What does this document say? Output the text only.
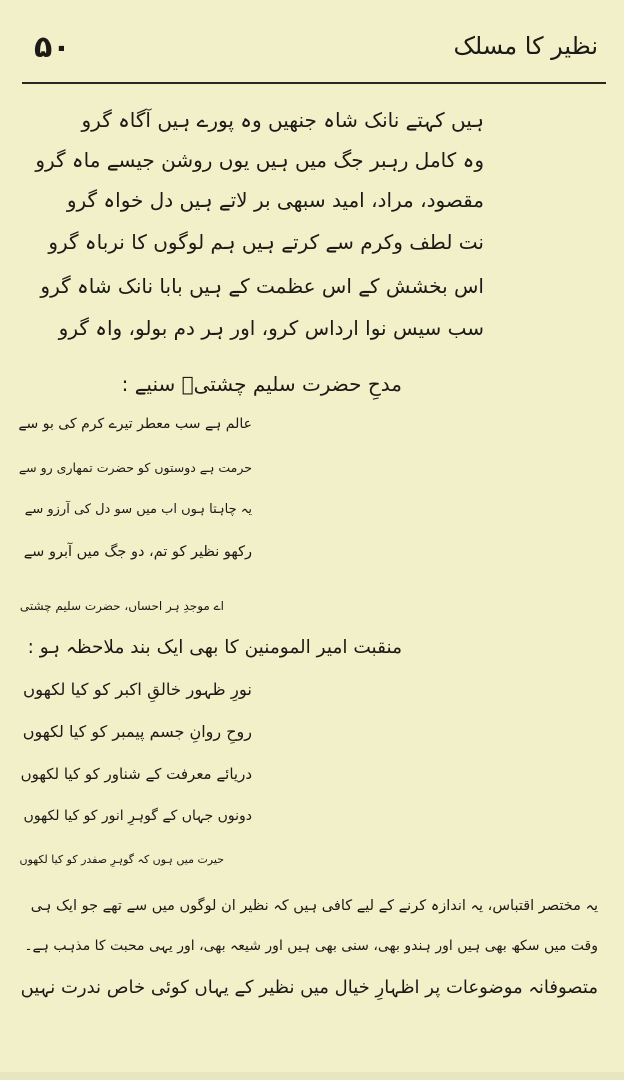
۵۰	نظیر کا مسلک
ہیں کہتے نانک شاہ جنھیں وہ پورے ہیں آگاہ گرو
وہ کامل رہبر جگ میں ہیں یوں روشن جیسے ماہ گرو
مقصود، مراد، امید سبھی بر لاتے ہیں دل خواہ گرو
نت لطف وکرم سے کرتے ہیں ہم لوگوں کا نرباہ گرو
اس بخشش کے اس عظمت کے ہیں بابا نانک شاہ گرو
سب سیس نوا ارداس کرو، اور ہر دم بولو، واہ گرو
مدحِ حضرت سلیم چشتیؒ سنیے :
عالم ہے سب معطر تیرے کرم کی بو سے
حرمت ہے دوستوں کو حضرت تمھاری رو سے
یہ چاہتا ہوں اب میں سو دل کی آرزو سے
رکھو نظیر کو تم، دو جگ میں آبرو سے
اے موجدِ ہر احساں، حضرت سلیم چشتی
منقبت امیر المومنین کا بھی ایک بند ملاحظہ ہو :
نورِ ظہور خالقِ اکبر کو کیا لکھوں
روحِ روانِ جسم پیمبر کو کیا لکھوں
دریائے معرفت کے شناور کو کیا لکھوں
دونوں جہاں کے گوہرِ انور کو کیا لکھوں
حیرت میں ہوں کہ گوہرِ صفدر کو کیا لکھوں
یہ مختصر اقتباس، یہ اندازہ کرنے کے لیے کافی ہیں کہ نظیر ان لوگوں میں سے تھے جو ایک ہی
وقت میں سکھ بھی ہیں اور ہندو بھی، سنی بھی ہیں اور شیعہ بھی، اور یہی محبت کا مذہب ہے۔
متصوفانہ موضوعات پر اظہارِ خیال میں نظیر کے یہاں کوئی خاص ندرت نہیں
